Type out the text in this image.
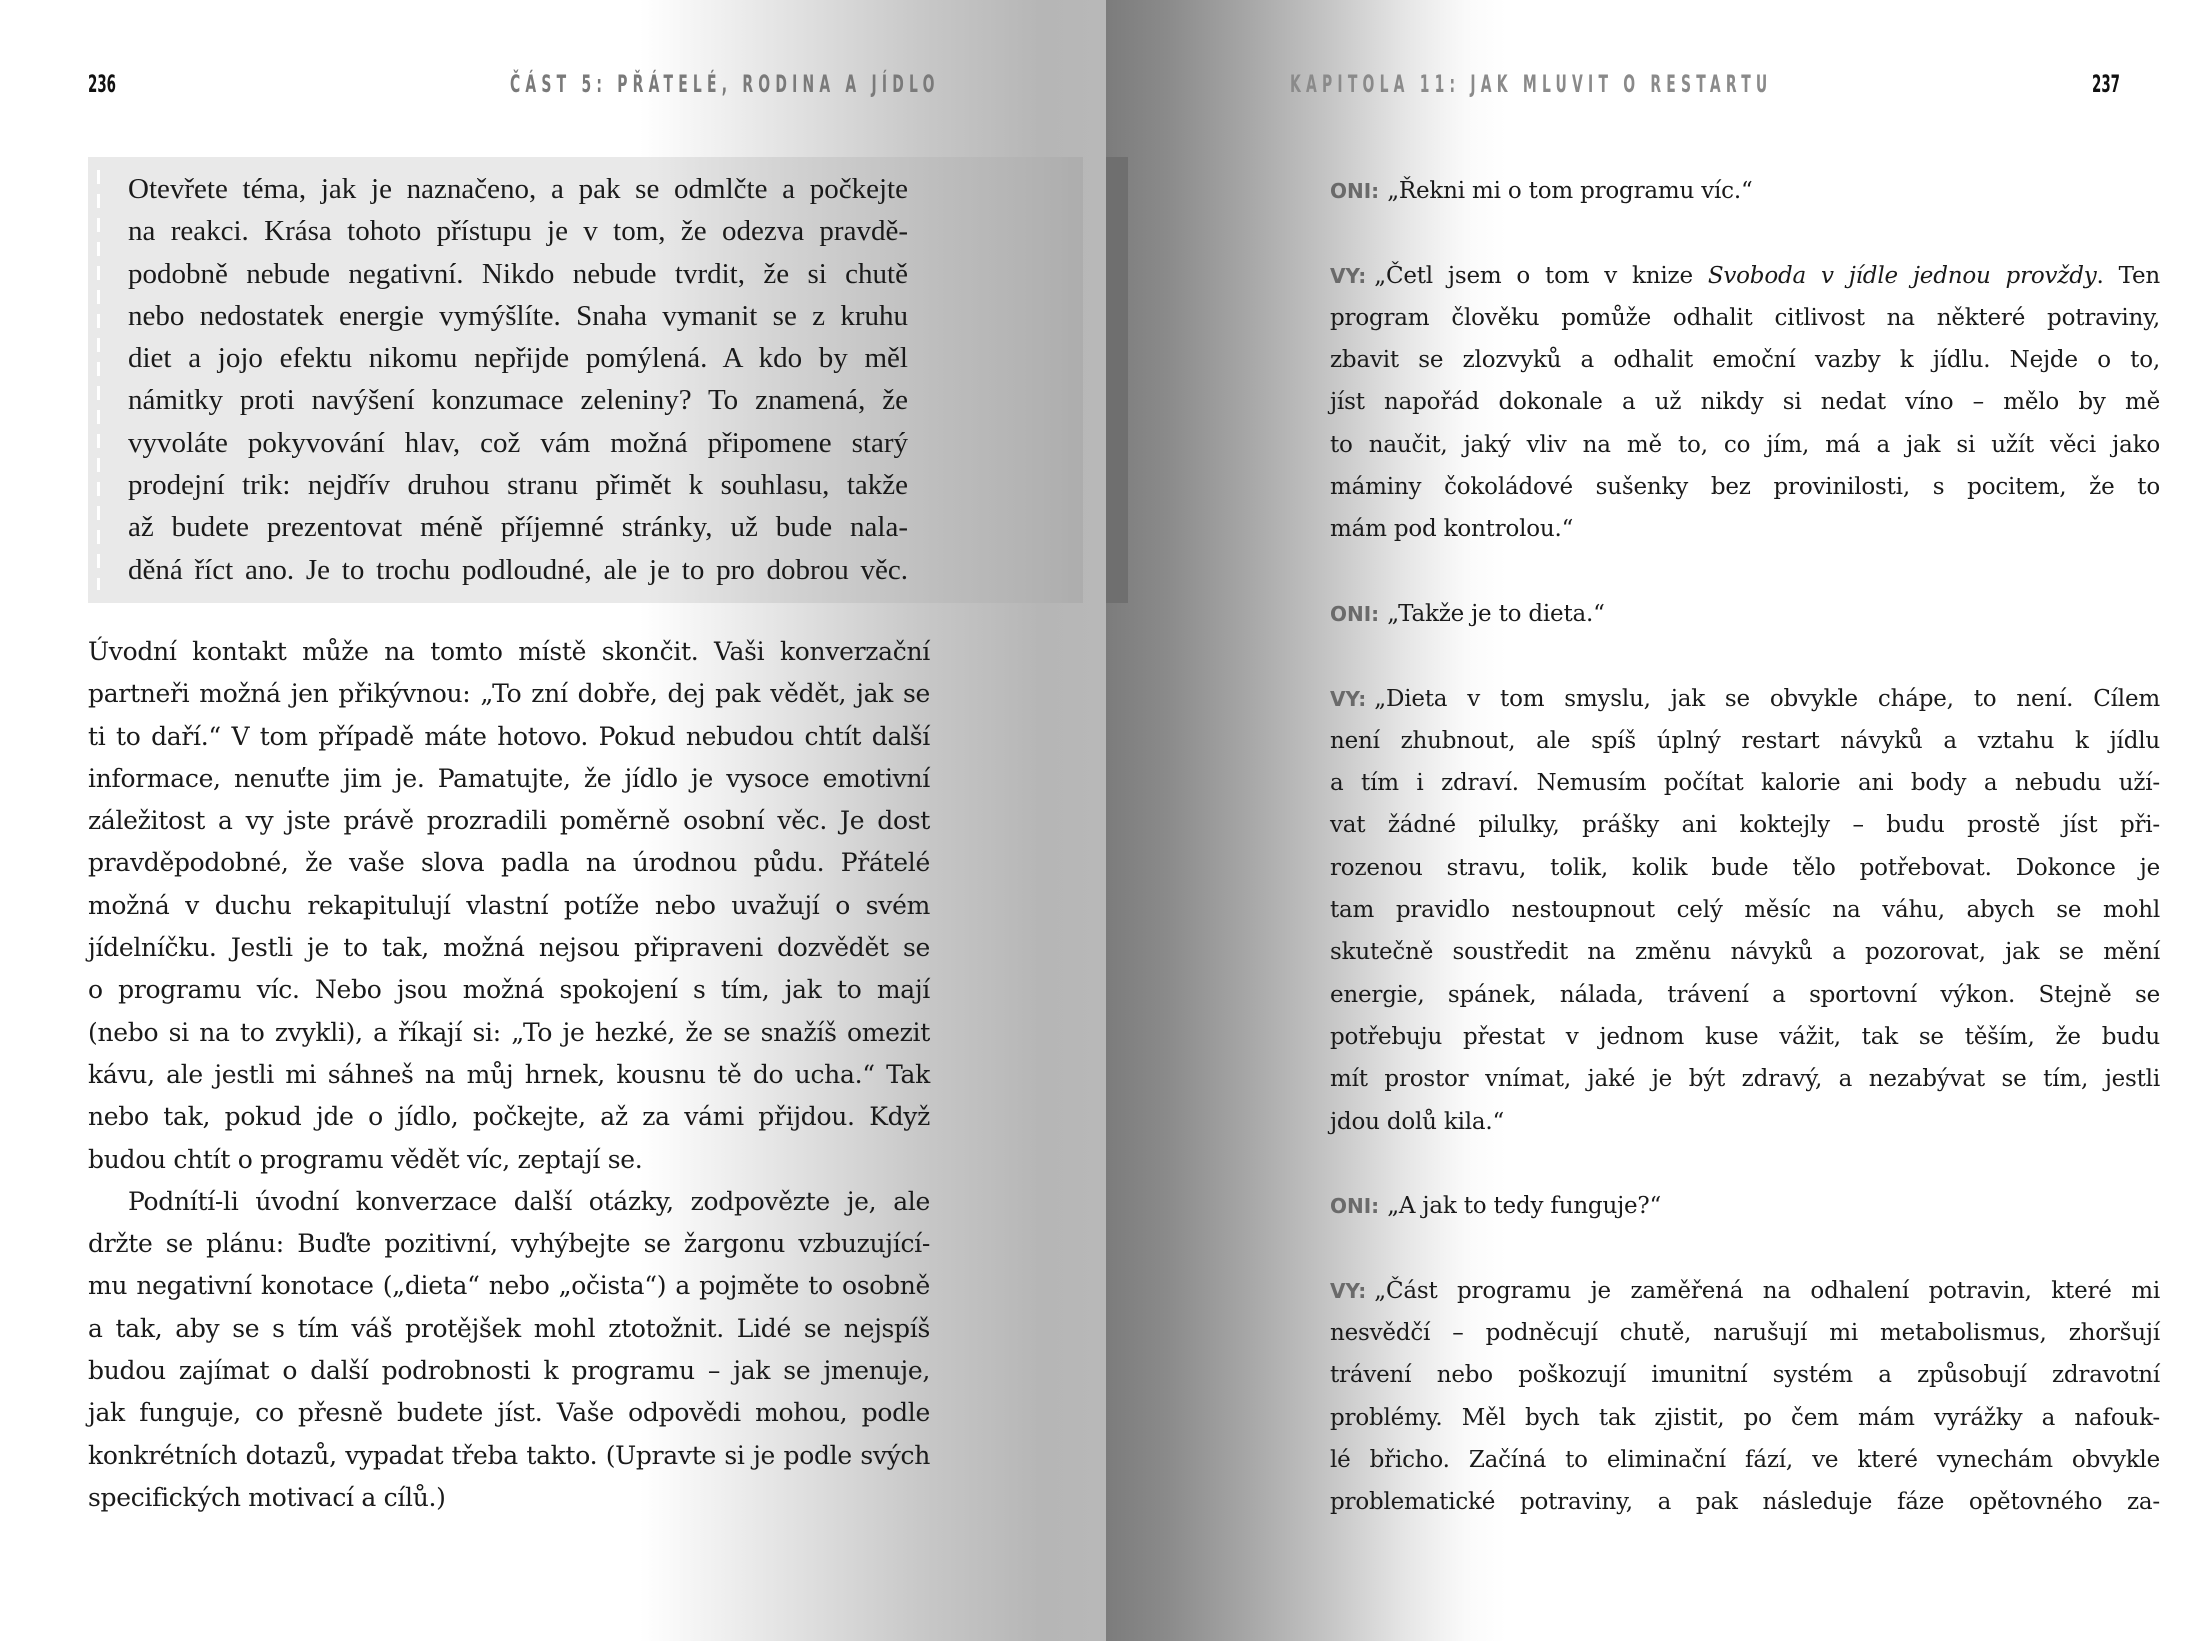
236	ČÁST 5: PŘÁTELÉ, RODINA A JÍDLO	KAPITOLA 11: JAK MLUVIT O RESTARTU	237
Otevřete téma, jak je naznačeno, a pak se odmlčte a počkejte
na reakci. Krása tohoto přístupu je v tom, že odezva pravdě-
podobně nebude negativní. Nikdo nebude tvrdit, že si chutě
nebo nedostatek energie vymýšlíte. Snaha vymanit se z kruhu
diet a jojo efektu nikomu nepřijde pomýlená. A kdo by měl
námitky proti navýšení konzumace zeleniny? To znamená, že
vyvoláte pokyvování hlav, což vám možná připomene starý
prodejní trik: nejdřív druhou stranu přimět k souhlasu, takže
až budete prezentovat méně příjemné stránky, už bude nala-
děná říct ano. Je to trochu podloudné, ale je to pro dobrou věc.
Úvodní kontakt může na tomto místě skončit. Vaši konverzační
partneři možná jen přikývnou: „To zní dobře, dej pak vědět, jak se
ti to daří.“ V tom případě máte hotovo. Pokud nebudou chtít další
informace, nenuťte jim je. Pamatujte, že jídlo je vysoce emotivní
záležitost a vy jste právě prozradili poměrně osobní věc. Je dost
pravděpodobné, že vaše slova padla na úrodnou půdu. Přátelé
možná v duchu rekapitulují vlastní potíže nebo uvažují o svém
jídelníčku. Jestli je to tak, možná nejsou připraveni dozvědět se
o programu víc. Nebo jsou možná spokojení s tím, jak to mají
(nebo si na to zvykli), a říkají si: „To je hezké, že se snažíš omezit
kávu, ale jestli mi sáhneš na můj hrnek, kousnu tě do ucha.“ Tak
nebo tak, pokud jde o jídlo, počkejte, až za vámi přijdou. Když
budou chtít o programu vědět víc, zeptají se.
Podnítí-li úvodní konverzace další otázky, zodpovězte je, ale
držte se plánu: Buďte pozitivní, vyhýbejte se žargonu vzbuzující-
mu negativní konotace („dieta“ nebo „očista“) a pojměte to osobně
a tak, aby se s tím váš protějšek mohl ztotožnit. Lidé se nejspíš
budou zajímat o další podrobnosti k programu – jak se jmenuje,
jak funguje, co přesně budete jíst. Vaše odpovědi mohou, podle
konkrétních dotazů, vypadat třeba takto. (Upravte si je podle svých
specifických motivací a cílů.)
ONI: „Řekni mi o tom programu víc.“
VY: „Četl jsem o tom v knize Svoboda v jídle jednou provždy. Ten
program člověku pomůže odhalit citlivost na některé potraviny,
zbavit se zlozvyků a odhalit emoční vazby k jídlu. Nejde o to,
jíst napořád dokonale a už nikdy si nedat víno – mělo by mě
to naučit, jaký vliv na mě to, co jím, má a jak si užít věci jako
máminy čokoládové sušenky bez provinilosti, s pocitem, že to
mám pod kontrolou.“
ONI: „Takže je to dieta.“
VY: „Dieta v tom smyslu, jak se obvykle chápe, to není. Cílem
není zhubnout, ale spíš úplný restart návyků a vztahu k jídlu
a tím i zdraví. Nemusím počítat kalorie ani body a nebudu uží-
vat žádné pilulky, prášky ani koktejly – budu prostě jíst při-
rozenou stravu, tolik, kolik bude tělo potřebovat. Dokonce je
tam pravidlo nestoupnout celý měsíc na váhu, abych se mohl
skutečně soustředit na změnu návyků a pozorovat, jak se mění
energie, spánek, nálada, trávení a sportovní výkon. Stejně se
potřebuju přestat v jednom kuse vážit, tak se těším, že budu
mít prostor vnímat, jaké je být zdravý, a nezabývat se tím, jestli
jdou dolů kila.“
ONI: „A jak to tedy funguje?“
VY: „Část programu je zaměřená na odhalení potravin, které mi
nesvědčí – podněcují chutě, narušují mi metabolismus, zhoršují
trávení nebo poškozují imunitní systém a způsobují zdravotní
problémy. Měl bych tak zjistit, po čem mám vyrážky a nafouk-
lé břicho. Začíná to eliminační fází, ve které vynechám obvykle
problematické potraviny, a pak následuje fáze opětovného za-
